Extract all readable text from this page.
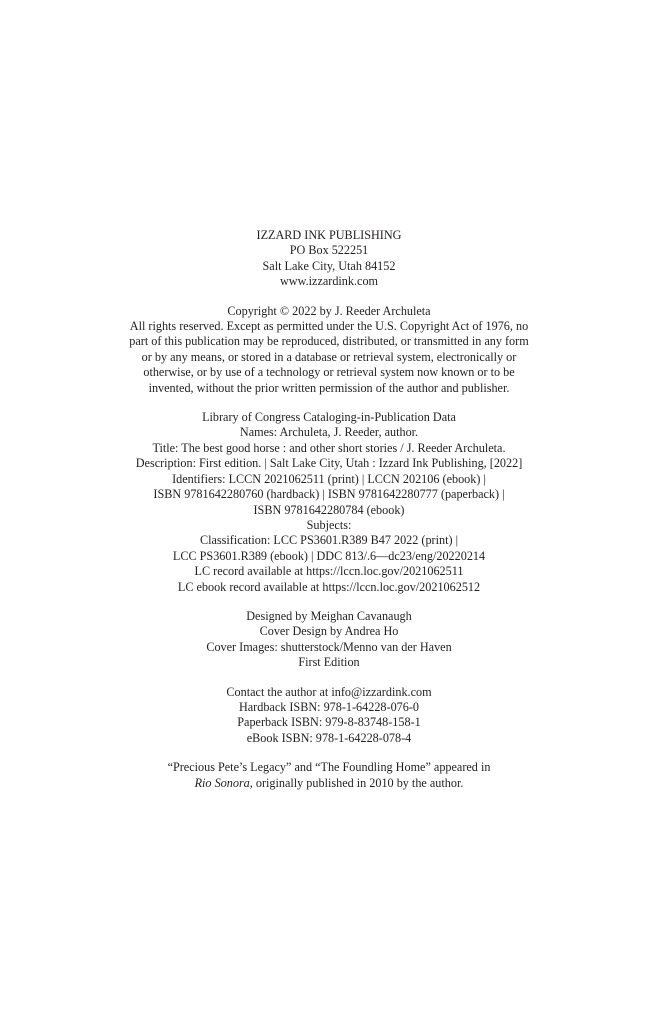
IZZARD INK PUBLISHING
PO Box 522251
Salt Lake City, Utah 84152
www.izzardink.com
Copyright © 2022 by J. Reeder Archuleta
All rights reserved. Except as permitted under the U.S. Copyright Act of 1976, no
part of this publication may be reproduced, distributed, or transmitted in any form
or by any means, or stored in a database or retrieval system, electronically or
otherwise, or by use of a technology or retrieval system now known or to be
invented, without the prior written permission of the author and publisher.
Library of Congress Cataloging-in-Publication Data
Names: Archuleta, J. Reeder, author.
Title: The best good horse : and other short stories / J. Reeder Archuleta.
Description: First edition. | Salt Lake City, Utah : Izzard Ink Publishing, [2022]
Identifiers: LCCN 2021062511 (print) | LCCN 202106 (ebook) |
ISBN 9781642280760 (hardback) | ISBN 9781642280777 (paperback) |
ISBN 9781642280784 (ebook)
Subjects:
Classification: LCC PS3601.R389 B47 2022 (print) |
LCC PS3601.R389 (ebook) | DDC 813/.6—dc23/eng/20220214
LC record available at https://lccn.loc.gov/2021062511
LC ebook record available at https://lccn.loc.gov/2021062512
Designed by Meighan Cavanaugh
Cover Design by Andrea Ho
Cover Images: shutterstock/Menno van der Haven
First Edition
Contact the author at info@izzardink.com
Hardback ISBN: 978-1-64228-076-0
Paperback ISBN: 979-8-83748-158-1
eBook ISBN: 978-1-64228-078-4
“Precious Pete’s Legacy” and “The Foundling Home” appeared in
Rio Sonora, originally published in 2010 by the author.
